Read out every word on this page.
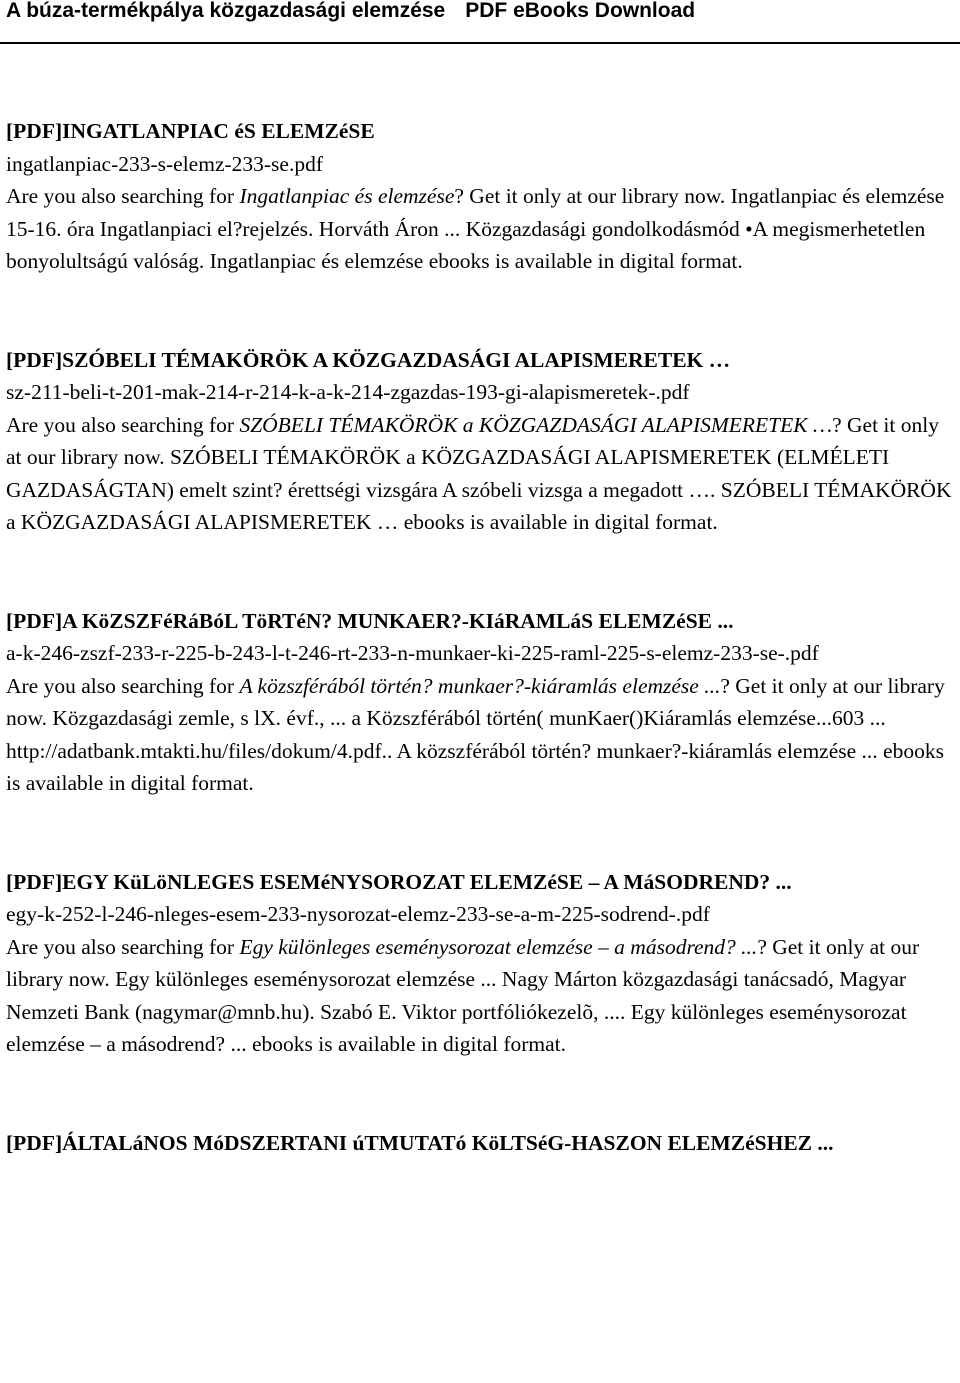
A búza-termékpálya közgazdasági elemzése PDF eBooks Download
[PDF]INGATLANPIAC éS ELEMZéSE
ingatlanpiac-233-s-elemz-233-se.pdf
Are you also searching for Ingatlanpiac és elemzése? Get it only at our library now. Ingatlanpiac és elemzése 15-16. óra Ingatlanpiaci el?rejelzés. Horváth Áron ... Közgazdasági gondolkodásmód •A megismerhetetlen bonyolultságú valóság. Ingatlanpiac és elemzése ebooks is available in digital format.
[PDF]SZÓBELI TÉMAKÖRÖK A KÖZGAZDASÁGI ALAPISMERETEK …
sz-211-beli-t-201-mak-214-r-214-k-a-k-214-zgazdas-193-gi-alapismeretek-.pdf
Are you also searching for SZÓBELI TÉMAKÖRÖK a KÖZGAZDASÁGI ALAPISMERETEK …? Get it only at our library now. SZÓBELI TÉMAKÖRÖK a KÖZGAZDASÁGI ALAPISMERETEK (ELMÉLETI GAZDASÁGTAN) emelt szint? érettségi vizsgára A szóbeli vizsga a megadott …. SZÓBELI TÉMAKÖRÖK a KÖZGAZDASÁGI ALAPISMERETEK … ebooks is available in digital format.
[PDF]A KöZSZFéRáBóL TöRTéN? MUNKAER?-KIáRAMLáS ELEMZéSE ...
a-k-246-zszf-233-r-225-b-243-l-t-246-rt-233-n-munkaer-ki-225-raml-225-s-elemz-233-se-.pdf
Are you also searching for A közszférából történ? munkaer?-kiáramlás elemzése ...? Get it only at our library now. Közgazdasági zemle, s lX. évf., ... a Közszférából történ( munKaer()Kiáramlás elemzése...603 ... http://adatbank.mtakti.hu/files/dokum/4.pdf.. A közszférából történ? munkaer?-kiáramlás elemzése ... ebooks is available in digital format.
[PDF]EGY KüLöNLEGES ESEMéNYSOROZAT ELEMZéSE – A MáSODREND? ...
egy-k-252-l-246-nleges-esem-233-nysorozat-elemz-233-se-a-m-225-sodrend-.pdf
Are you also searching for Egy különleges eseménysorozat elemzése – a másodrend? ...? Get it only at our library now. Egy különleges eseménysorozat elemzése ... Nagy Márton közgazdasági tanácsadó, Magyar Nemzeti Bank (nagymar@mnb.hu). Szabó E. Viktor portfóliókezelõ, .... Egy különleges eseménysorozat elemzése – a másodrend? ... ebooks is available in digital format.
[PDF]ÁLTALáNOS MóDSZERTANI úTMUTATó KöLTSéG-HASZON ELEMZéSHEZ ...
